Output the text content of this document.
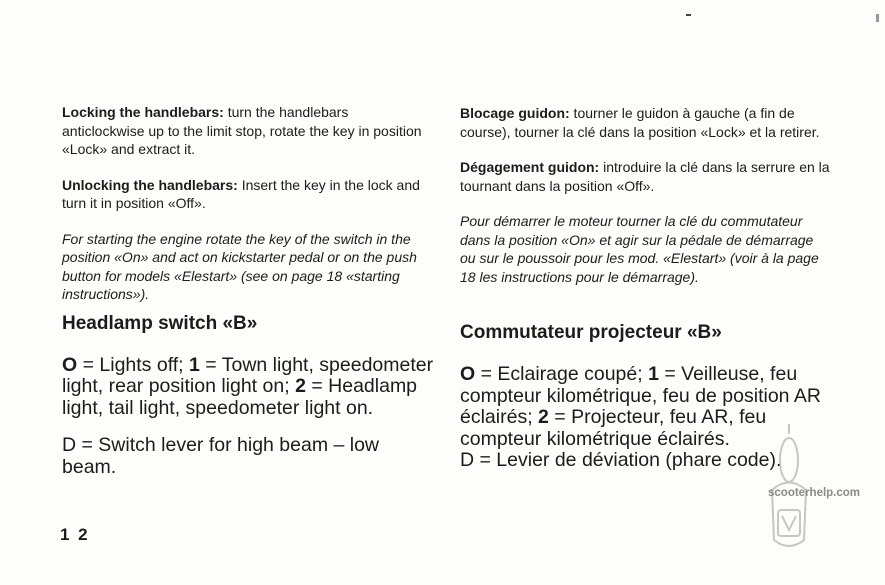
Locking the handlebars: turn the handlebars anticlockwise up to the limit stop, rotate the key in position «Lock» and extract it.

Unlocking the handlebars: Insert the key in the lock and turn it in position «Off».

For starting the engine rotate the key of the switch in the position «On» and act on kickstarter pedal or on the push button for models «Elestart» (see on page 18 «starting instructions»).

Headlamp switch «B»

O = Lights off; 1 = Town light, speedometer light, rear position light on; 2 = Headlamp light, tail light, speedometer light on.

D = Switch lever for high beam – low beam.

Blocage guidon: tourner le guidon à gauche (a fin de course), tourner la clé dans la position «Lock» et la retirer.

Dégagement guidon: introduire la clé dans la serrure en la tournant dans la position «Off».

Pour démarrer le moteur tourner la clé du commutateur dans la position «On» et agir sur la pédale de démarrage ou sur le poussoir pour les mod. «Elestart» (voir à la page 18 les instructions pour le démarrage).

Commutateur projecteur «B»

O = Eclairage coupé; 1 = Veilleuse, feu compteur kilométrique, feu de position AR éclairés; 2 = Projecteur, feu AR, feu compteur kilométrique éclairés.

D = Levier de déviation (phare code).

1 2
scooterhelp.com
